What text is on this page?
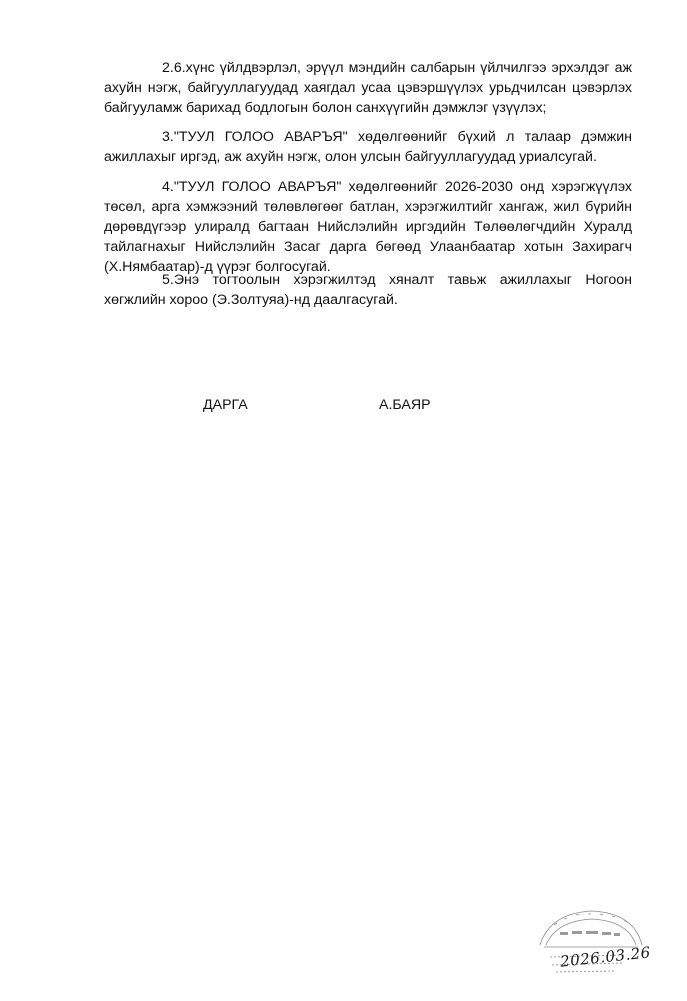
2.6.хүнс үйлдвэрлэл, эрүүл мэндийн салбарын үйлчилгээ эрхэлдэг аж ахуйн нэгж, байгууллагуудад хаягдал усаа цэвэршүүлэх урьдчилсан цэвэрлэх байгууламж барихад бодлогын болон санхүүгийн дэмжлэг үзүүлэх;

3."ТУУЛ ГОЛОО АВАРЪЯ" хөдөлгөөнийг бүхий л талаар дэмжин ажиллахыг иргэд, аж ахуйн нэгж, олон улсын байгууллагуудад уриалсугай.

4."ТУУЛ ГОЛОО АВАРЪЯ" хөдөлгөөнийг 2026-2030 онд хэрэгжүүлэх төсөл, арга хэмжээний төлөвлөгөөг батлан, хэрэгжилтийг хангаж, жил бүрийн дөрөвдүгээр улиралд багтаан Нийслэлийн иргэдийн Төлөөлөгчдийн Хуралд тайлагнахыг Нийслэлийн Засаг дарга бөгөөд Улаанбаатар хотын Захирагч (Х.Нямбаатар)-д үүрэг болгосугай.

5.Энэ тогтоолын хэрэгжилтэд хяналт тавьж ажиллахыг Ногоон хөгжлийн хороо (Э.Золтуяа)-нд даалгасугай.

ДАРГА	А.БАЯР
2026.03.26
